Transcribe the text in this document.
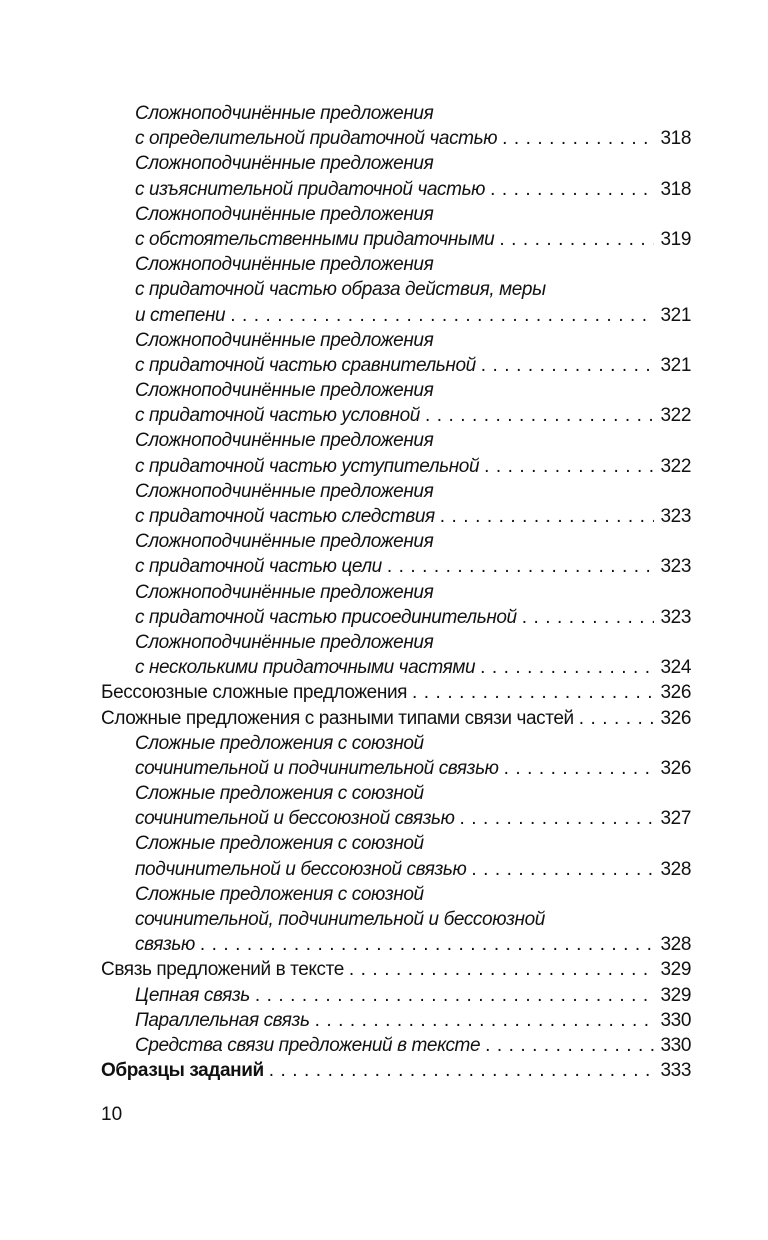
Сложноподчинённые предложения
с определительной придаточной частью . . .	318
Сложноподчинённые предложения
с изъяснительной придаточной частью . . .	318
Сложноподчинённые предложения
с обстоятельственными придаточными . . .	319
Сложноподчинённые предложения
с придаточной частью образа действия, меры
и степени . . .	321
Сложноподчинённые предложения
с придаточной частью сравнительной . . .	321
Сложноподчинённые предложения
с придаточной частью условной . . .	322
Сложноподчинённые предложения
с придаточной частью уступительной . . .	322
Сложноподчинённые предложения
с придаточной частью следствия . . .	323
Сложноподчинённые предложения
с придаточной частью цели . . .	323
Сложноподчинённые предложения
с придаточной частью присоединительной . . .	323
Сложноподчинённые предложения
с несколькими придаточными частями . . .	324
Бессоюзные сложные предложения . . .	326
Сложные предложения с разными типами связи частей . . .	326
Сложные предложения с союзной
сочинительной и подчинительной связью . . .	326
Сложные предложения с союзной
сочинительной и бессоюзной связью . . .	327
Сложные предложения с союзной
подчинительной и бессоюзной связью . . .	328
Сложные предложения с союзной
сочинительной, подчинительной и бессоюзной
связью . . .	328
Связь предложений в тексте . . .	329
Цепная связь . . .	329
Параллельная связь . . .	330
Средства связи предложений в тексте . . .	330
Образцы заданий . . .	333
10
